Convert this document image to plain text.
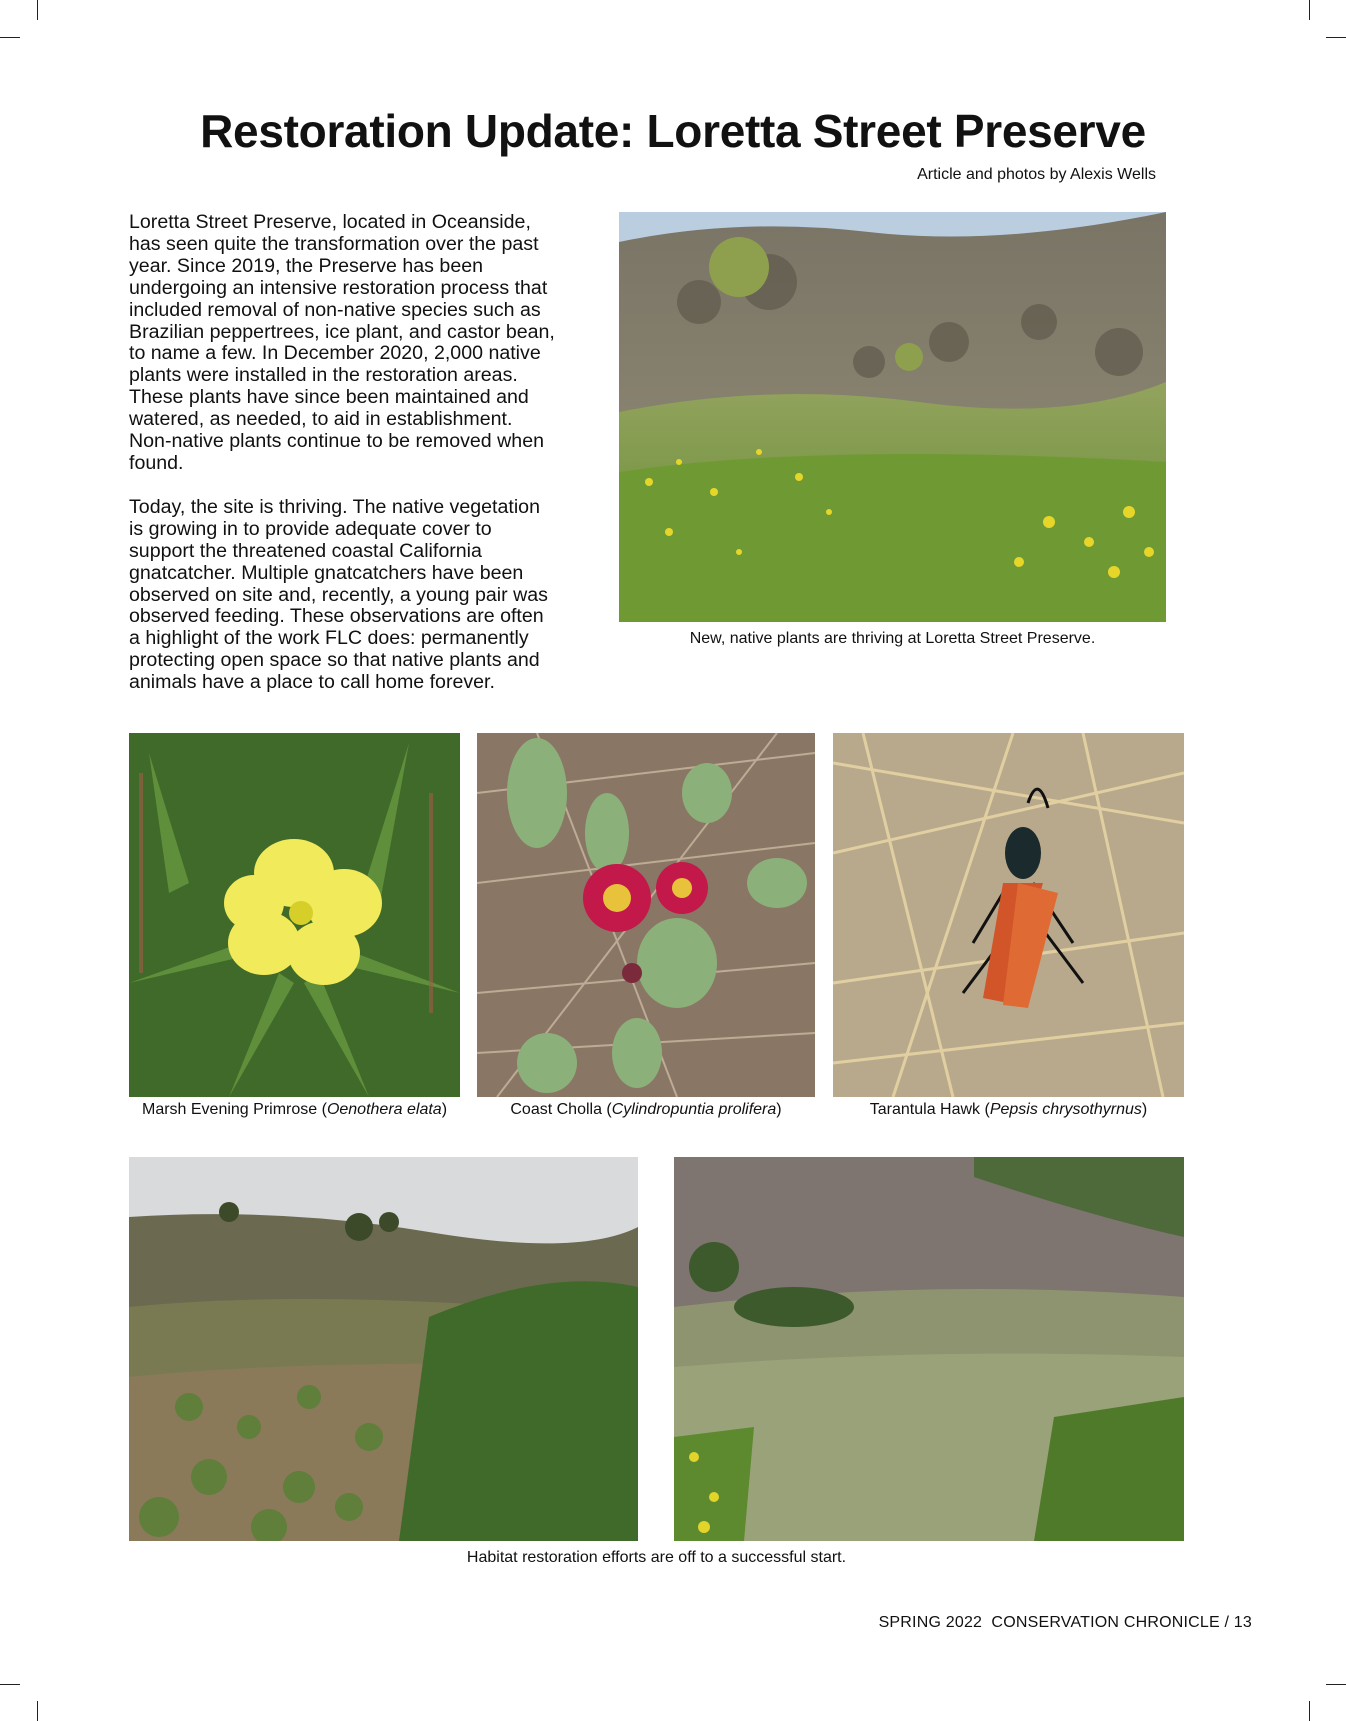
Restoration Update: Loretta Street Preserve
Article and photos by Alexis Wells

Loretta Street Preserve, located in Oceanside, has seen quite the transformation over the past year. Since 2019, the Preserve has been undergoing an intensive restoration process that included removal of non-native species such as Brazilian peppertrees, ice plant, and castor bean, to name a few. In December 2020, 2,000 native plants were installed in the restoration areas. These plants have since been maintained and watered, as needed, to aid in establishment. Non-native plants continue to be removed when found.

Today, the site is thriving. The native vegetation is growing in to provide adequate cover to support the threatened coastal California gnatcatcher. Multiple gnatcatchers have been observed on site and, recently, a young pair was observed feeding. These observations are often a highlight of the work FLC does: permanently protecting open space so that native plants and animals have a place to call home forever.

New, native plants are thriving at Loretta Street Preserve.
Marsh Evening Primrose (Oenothera elata)	Coast Cholla (Cylindropuntia prolifera)	Tarantula Hawk (Pepsis chrysothyrnus)
Habitat restoration efforts are off to a successful start.
SPRING 2022  CONSERVATION CHRONICLE / 13
